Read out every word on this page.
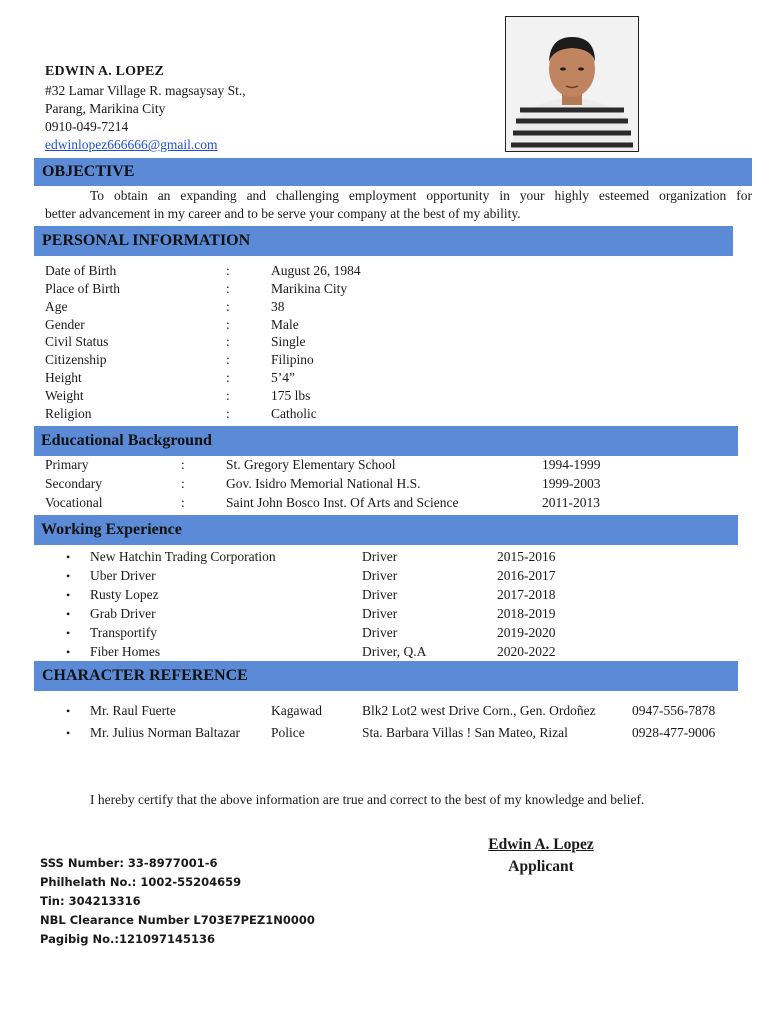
EDWIN A. LOPEZ
#32 Lamar Village R. magsaysay St.,
Parang, Marikina City
0910-049-7214
edwinlopez666666@gmail.com
OBJECTIVE
To obtain an expanding and challenging employment opportunity in your highly esteemed organization for
better advancement in my career and to be serve your company at the best of my ability.
PERSONAL INFORMATION
Date of Birth	:	August 26, 1984
Place of Birth	:	Marikina City
Age	:	38
Gender	:	Male
Civil Status	:	Single
Citizenship	:	Filipino
Height	:	5’4”
Weight	:	175 lbs
Religion	:	Catholic
Educational Background
Primary	:	St. Gregory Elementary School	1994-1999
Secondary	:	Gov. Isidro Memorial National H.S.	1999-2003
Vocational	:	Saint John Bosco Inst. Of Arts and Science	2011-2013
Working Experience
• New Hatchin Trading Corporation	Driver	2015-2016
• Uber Driver	Driver	2016-2017
• Rusty Lopez	Driver	2017-2018
• Grab Driver	Driver	2018-2019
• Transportify	Driver	2019-2020
• Fiber Homes	Driver, Q.A	2020-2022
CHARACTER REFERENCE
• Mr. Raul Fuerte	Kagawad	Blk2 Lot2 west Drive Corn., Gen. Ordoñez	0947-556-7878
• Mr. Julius Norman Baltazar Police	Sta. Barbara Villas ! San Mateo, Rizal	0928-477-9006
I hereby certify that the above information are true and correct to the best of my knowledge and belief.
Edwin A. Lopez
Applicant
SSS Number: 33-8977001-6
Philhelath No.: 1002-55204659
Tin: 304213316
NBL Clearance Number L703E7PEZ1N0000
Pagibig No.:121097145136
